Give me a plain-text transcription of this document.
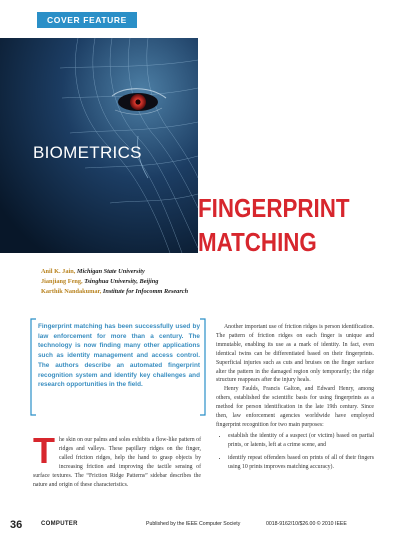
COVER FEATURE
BIOMETRICS
FINGERPRINT
MATCHING
Anil K. Jain, Michigan State University
Jianjiang Feng, Tsinghua University, Beijing
Karthik Nandakumar, Institute for Infocomm Research
Fingerprint matching has been successfully used by law enforcement for more than a century. The technology is now finding many other applications such as identity management and access control. The authors describe an automated fingerprint recognition system and identify key challenges and research opportunities in the field.
T he skin on our palms and soles exhibits a flow-like pattern of ridges and valleys. These papillary ridges on the finger, called friction ridges, help the hand to grasp objects by increasing friction and improving the tactile sensing of surface textures. The “Friction Ridge Patterns” sidebar describes the nature and origin of these characteristics.

Another important use of friction ridges is person identification. The pattern of friction ridges on each finger is unique and immutable, enabling its use as a mark of identity. In fact, even identical twins can be differentiated based on their fingerprints. Superficial injuries such as cuts and bruises on the finger surface alter the pattern in the damaged region only temporarily; the ridge structure reappears after the injury heals.

Henry Faulds, Francis Galton, and Edward Henry, among others, established the scientific basis for using fingerprints as a method for person identification in the late 19th century. Since then, law enforcement agencies worldwide have employed fingerprint recognition for two main purposes:

• establish the identity of a suspect (or victim) based on partial prints, or latents, left at a crime scene, and
• identify repeat offenders based on prints of all of their fingers using 10 prints improves matching accuracy).
36	COMPUTER	Published by the IEEE Computer Society	0018-9162/10/$26.00 © 2010 IEEE
